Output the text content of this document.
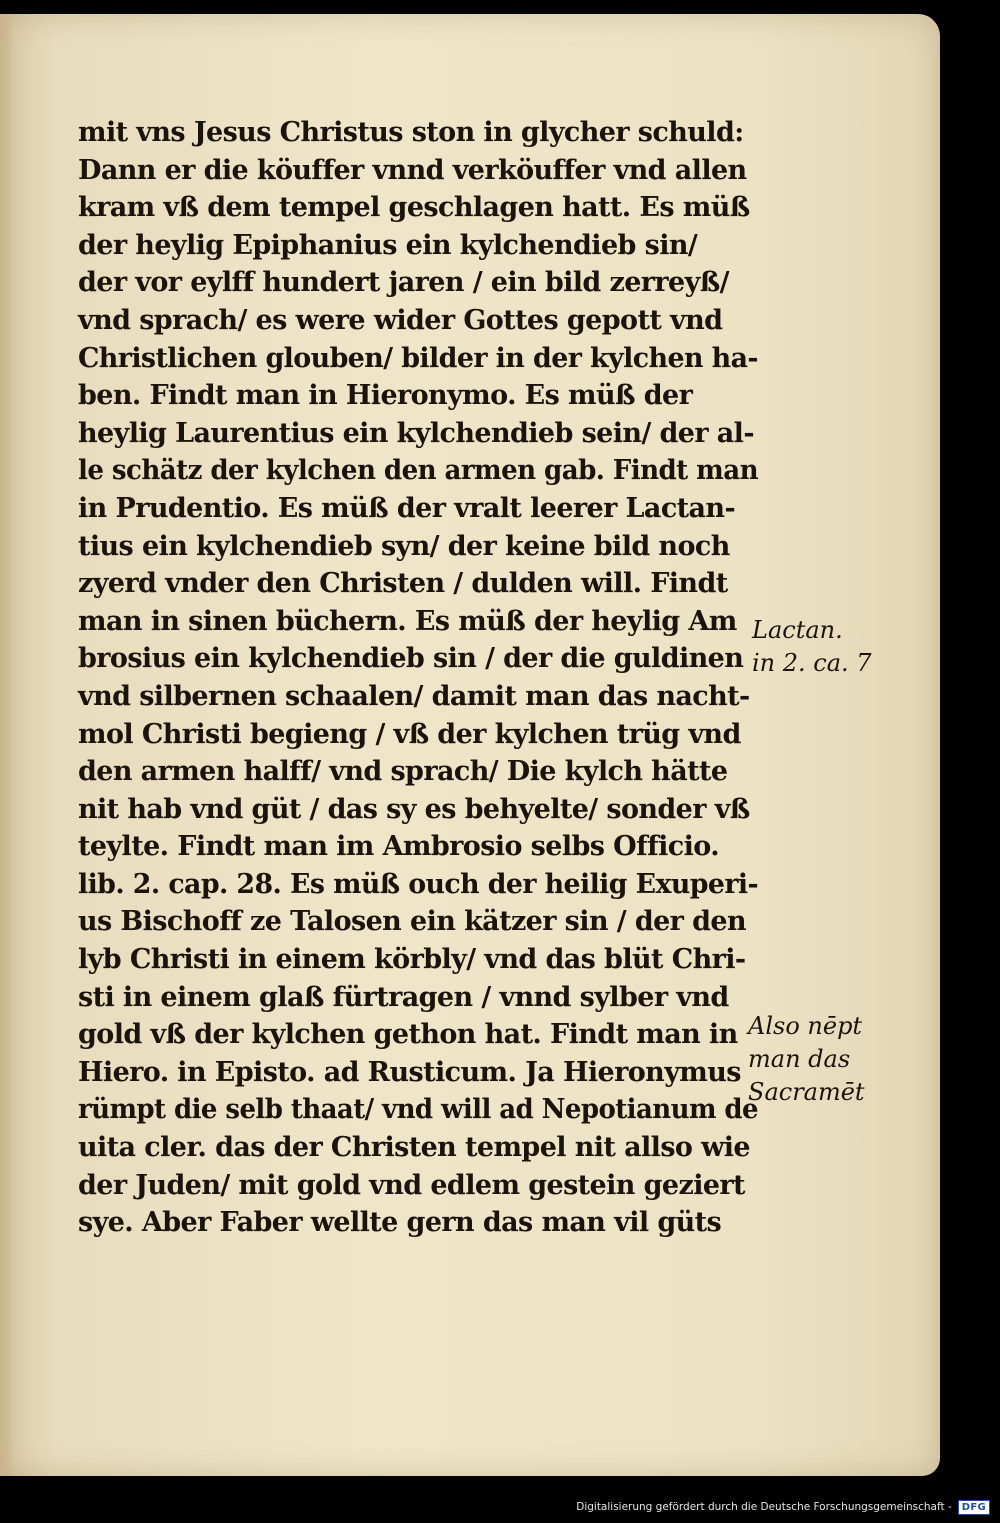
mit vns Jesus Christus ston in glycher schuld:
Dann er die köuffer vnnd verköuffer vnd allen
kram vß dem tempel geschlagen hatt. Es müß
der heylig Epiphanius ein kylchendieb sin/
der vor eylff hundert jaren / ein bild zerreyß/
vnd sprach/ es were wider Gottes gepott vnd
Christlichen glouben/ bilder in der kylchen ha-
ben. Findt man in Hieronymo. Es müß der
heylig Laurentius ein kylchendieb sein/ der al-
le schätz der kylchen den armen gab. Findt man
in Prudentio. Es müß der vralt leerer Lactan-
tius ein kylchendieb syn/ der keine bild noch
zyerd vnder den Christen / dulden will. Findt
man in sinen büchern. Es müß der heylig Am
brosius ein kylchendieb sin / der die guldinen
vnd silbernen schaalen/ damit man das nacht-
mol Christi begieng / vß der kylchen trüg vnd
den armen halff/ vnd sprach/ Die kylch hätte
nit hab vnd güt / das sy es behyelte/ sonder vß
teylte. Findt man im Ambrosio selbs Officio.
lib. 2. cap. 28. Es müß ouch der heilig Exuperi-
us Bischoff ze Talosen ein kätzer sin / der den
lyb Christi in einem körbly/ vnd das blüt Chri-
sti in einem glaß fürtragen / vnnd sylber vnd
gold vß der kylchen gethon hat. Findt man in
Hiero. in Episto. ad Rusticum. Ja Hieronymus
rümpt die selb thaat/ vnd will ad Nepotianum de
uita cler. das der Christen tempel nit allso wie
der Juden/ mit gold vnd edlem gestein geziert
sye. Aber Faber wellte gern das man vil güts
Lactan.
in 2. ca. 7
Also nēpt
man das
Sacramēt
Digitalisierung gefördert durch die Deutsche Forschungsgemeinschaft -	DFG
